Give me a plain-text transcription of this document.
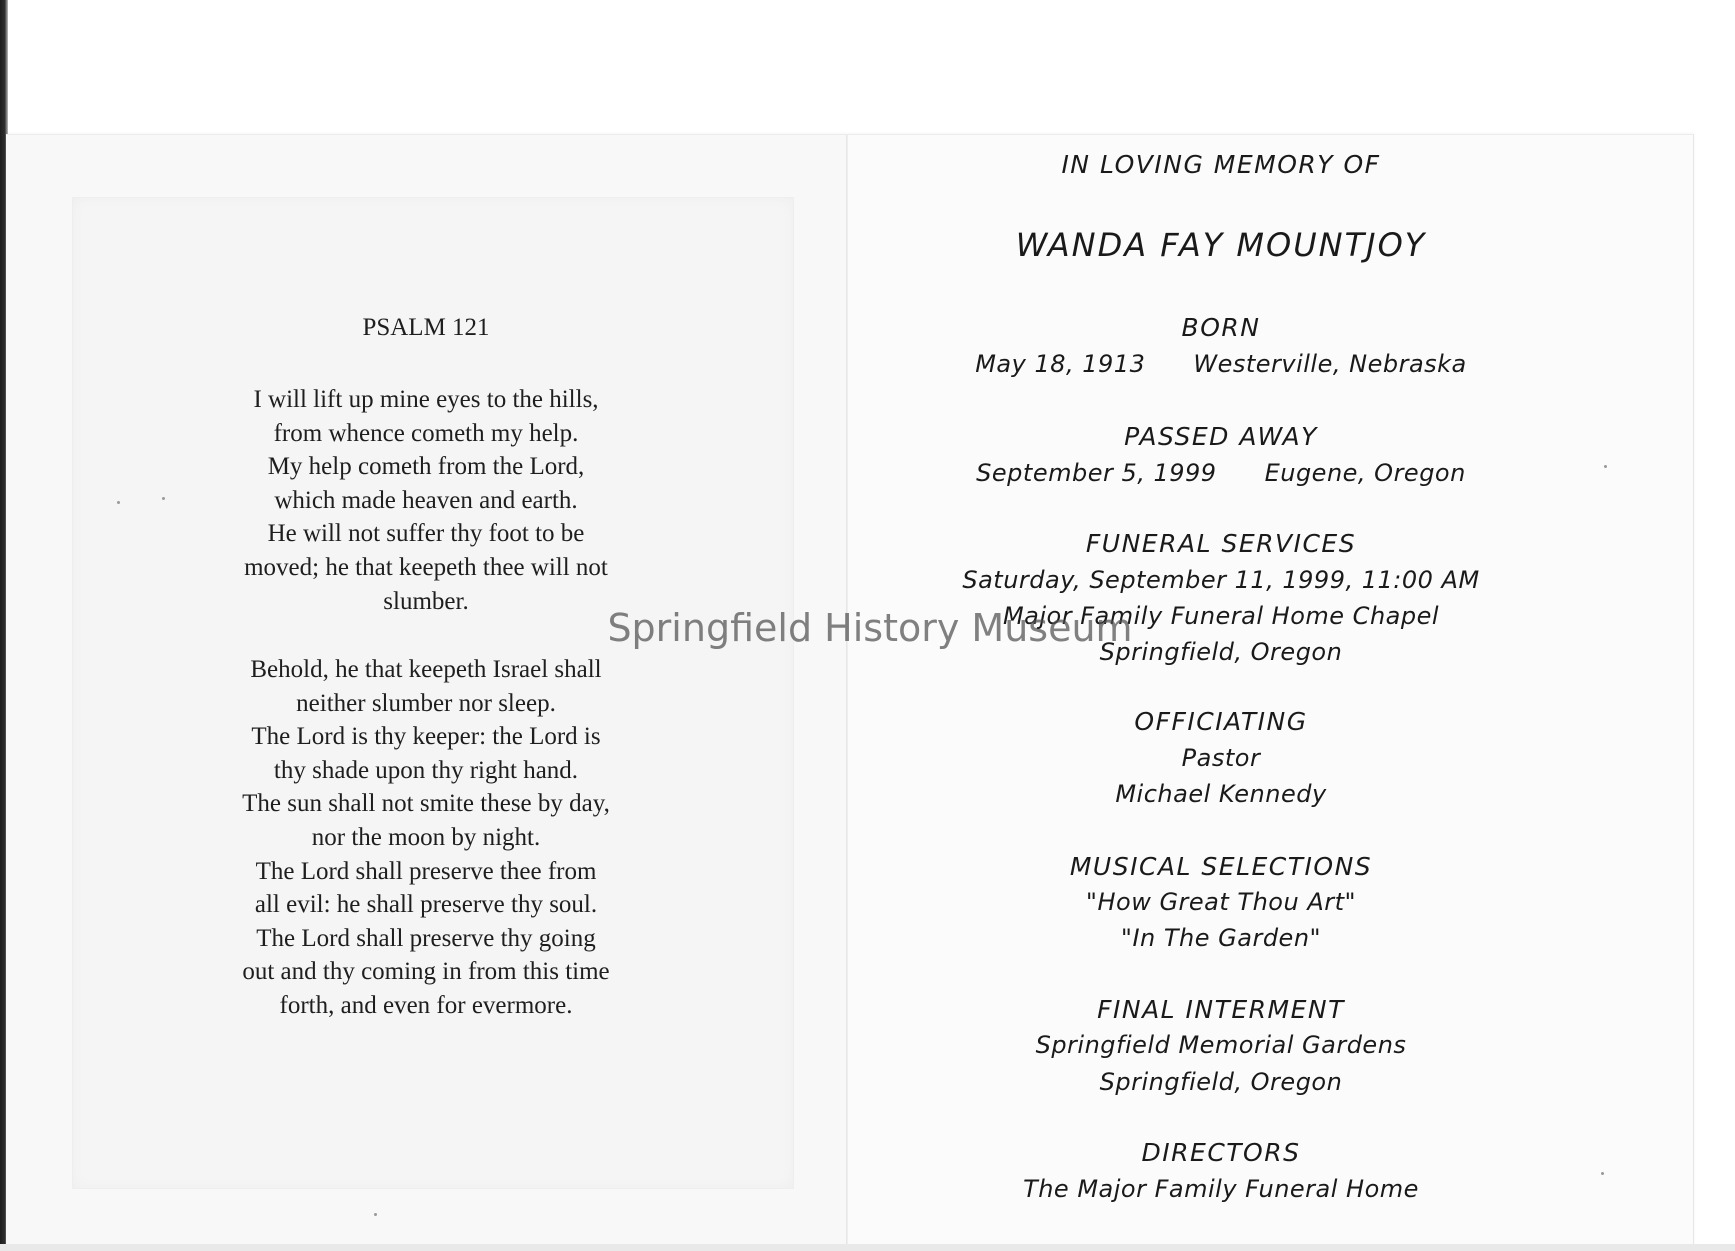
PSALM 121
I will lift up mine eyes to the hills,
from whence cometh my help.
My help cometh from the Lord,
which made heaven and earth.
He will not suffer thy foot to be
moved; he that keepeth thee will not
slumber.
Behold, he that keepeth Israel shall
neither slumber nor sleep.
The Lord is thy keeper: the Lord is
thy shade upon thy right hand.
The sun shall not smite these by day,
nor the moon by night.
The Lord shall preserve thee from
all evil: he shall preserve thy soul.
The Lord shall preserve thy going
out and thy coming in from this time
forth, and even for evermore.
IN LOVING MEMORY OF
WANDA FAY MOUNTJOY
BORN
May 18, 1913 Westerville, Nebraska
PASSED AWAY
September 5, 1999 Eugene, Oregon
FUNERAL SERVICES
Saturday, September 11, 1999, 11:00 AM
Major Family Funeral Home Chapel
Springfield, Oregon
OFFICIATING
Pastor
Michael Kennedy
MUSICAL SELECTIONS
"How Great Thou Art"
"In The Garden"
FINAL INTERMENT
Springfield Memorial Gardens
Springfield, Oregon
DIRECTORS
The Major Family Funeral Home
Springfield History Museum
